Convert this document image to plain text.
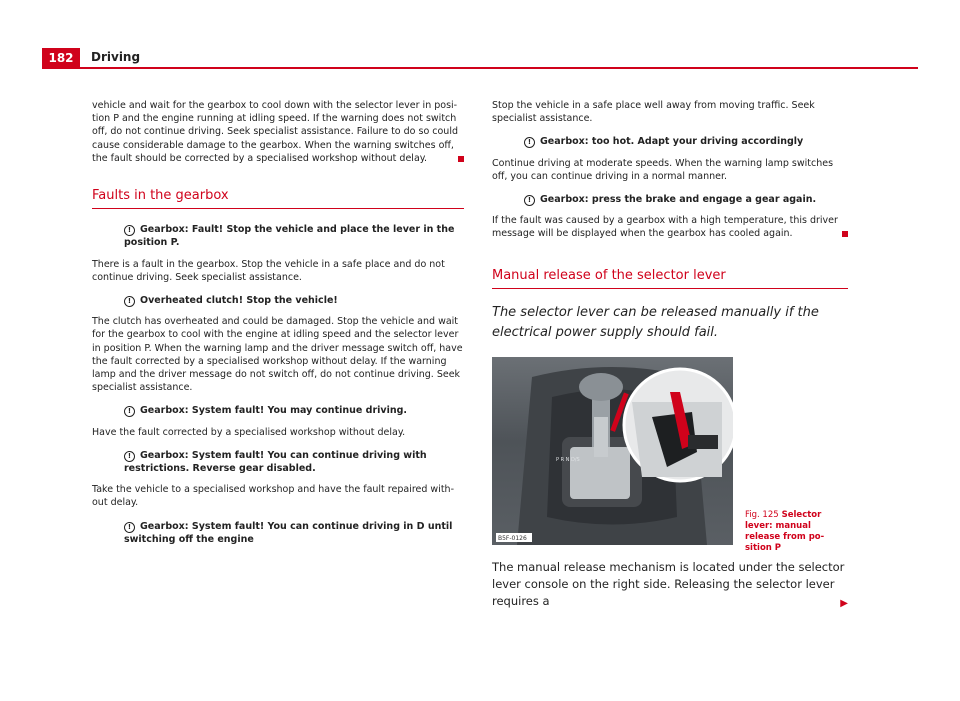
182	Driving

vehicle and wait for the gearbox to cool down with the selector lever in position P and the engine running at idling speed. If the warning does not switch off, do not continue driving. Seek specialist assistance. Failure to do so could cause considerable damage to the gearbox. When the warning switches off, the fault should be corrected by a specialised workshop without delay.

Faults in the gearbox
! Gearbox: Fault! Stop the vehicle and place the lever in the position P.

There is a fault in the gearbox. Stop the vehicle in a safe place and do not continue driving. Seek specialist assistance.

! Overheated clutch! Stop the vehicle!

The clutch has overheated and could be damaged. Stop the vehicle and wait for the gearbox to cool with the engine at idling speed and the selector lever in position P. When the warning lamp and the driver message switch off, have the fault corrected by a specialised workshop without delay. If the warning lamp and the driver message do not switch off, do not continue driving. Seek specialist assistance.

! Gearbox: System fault! You may continue driving.

Have the fault corrected by a specialised workshop without delay.

! Gearbox: System fault! You can continue driving with restrictions. Reverse gear disabled.

Take the vehicle to a specialised workshop and have the fault repaired without delay.

! Gearbox: System fault! You can continue driving in D until switching off the engine

Stop the vehicle in a safe place well away from moving traffic. Seek specialist assistance.

! Gearbox: too hot. Adapt your driving accordingly

Continue driving at moderate speeds. When the warning lamp switches off, you can continue driving in a normal manner.

! Gearbox: press the brake and engage a gear again.

If the fault was caused by a gearbox with a high temperature, this driver message will be displayed when the gearbox has cooled again.

Manual release of the selector lever

The selector lever can be released manually if the electrical power supply should fail.

P R N D/S
B5F-0126
Fig. 125 Selector lever: manual release from position P

The manual release mechanism is located under the selector lever console on the right side. Releasing the selector lever requires a	▶
